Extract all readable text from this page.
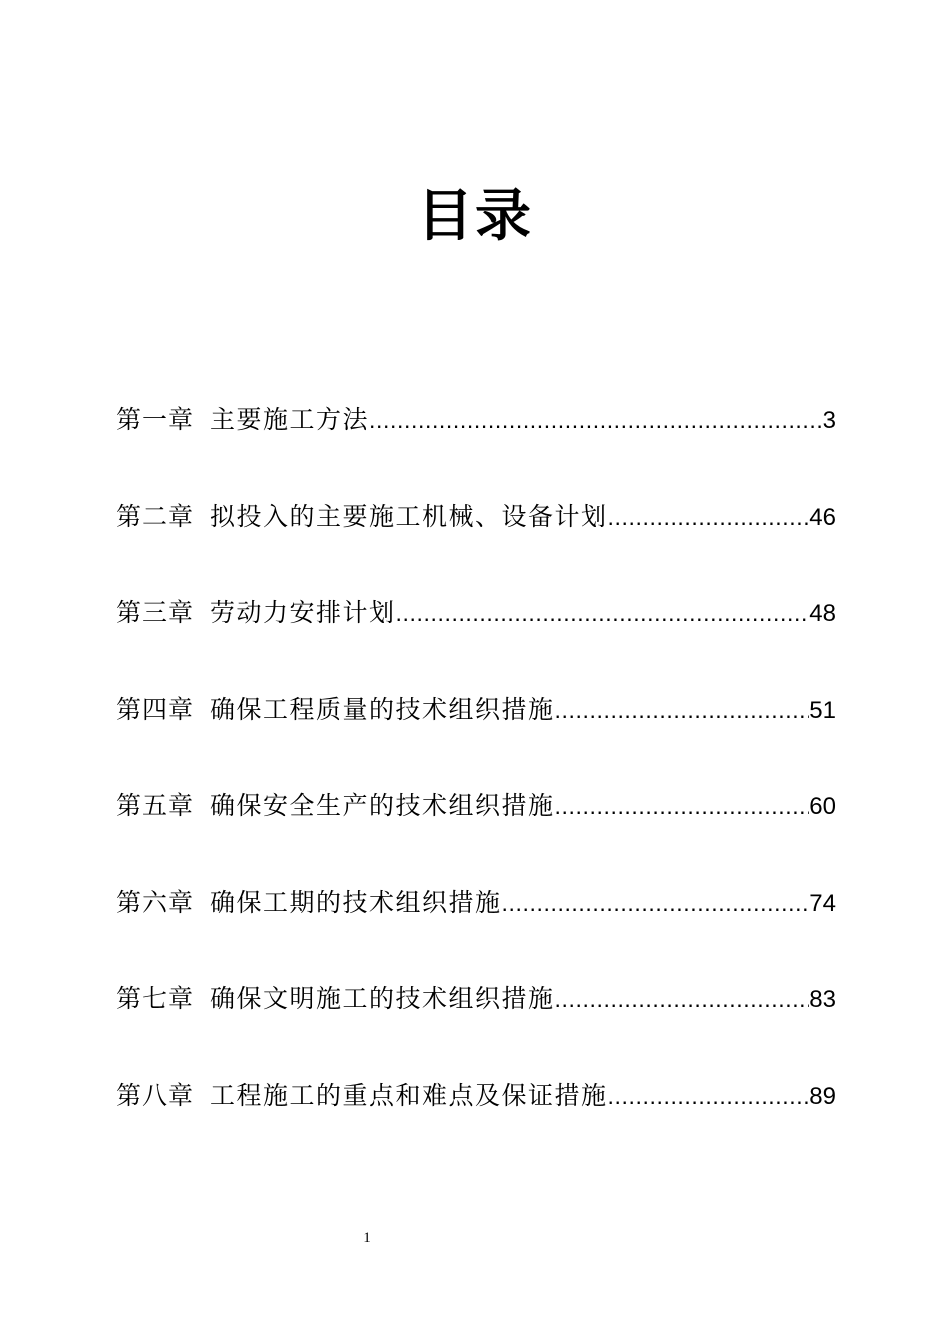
目录
第一章 主要施工方法 .....	3
第二章 拟投入的主要施工机械、设备计划 .....	46
第三章 劳动力安排计划 .....	48
第四章 确保工程质量的技术组织措施 .....	51
第五章 确保安全生产的技术组织措施 .....	60
第六章 确保工期的技术组织措施 .....	74
第七章 确保文明施工的技术组织措施 .....	83
第八章 工程施工的重点和难点及保证措施 .....	89
1
